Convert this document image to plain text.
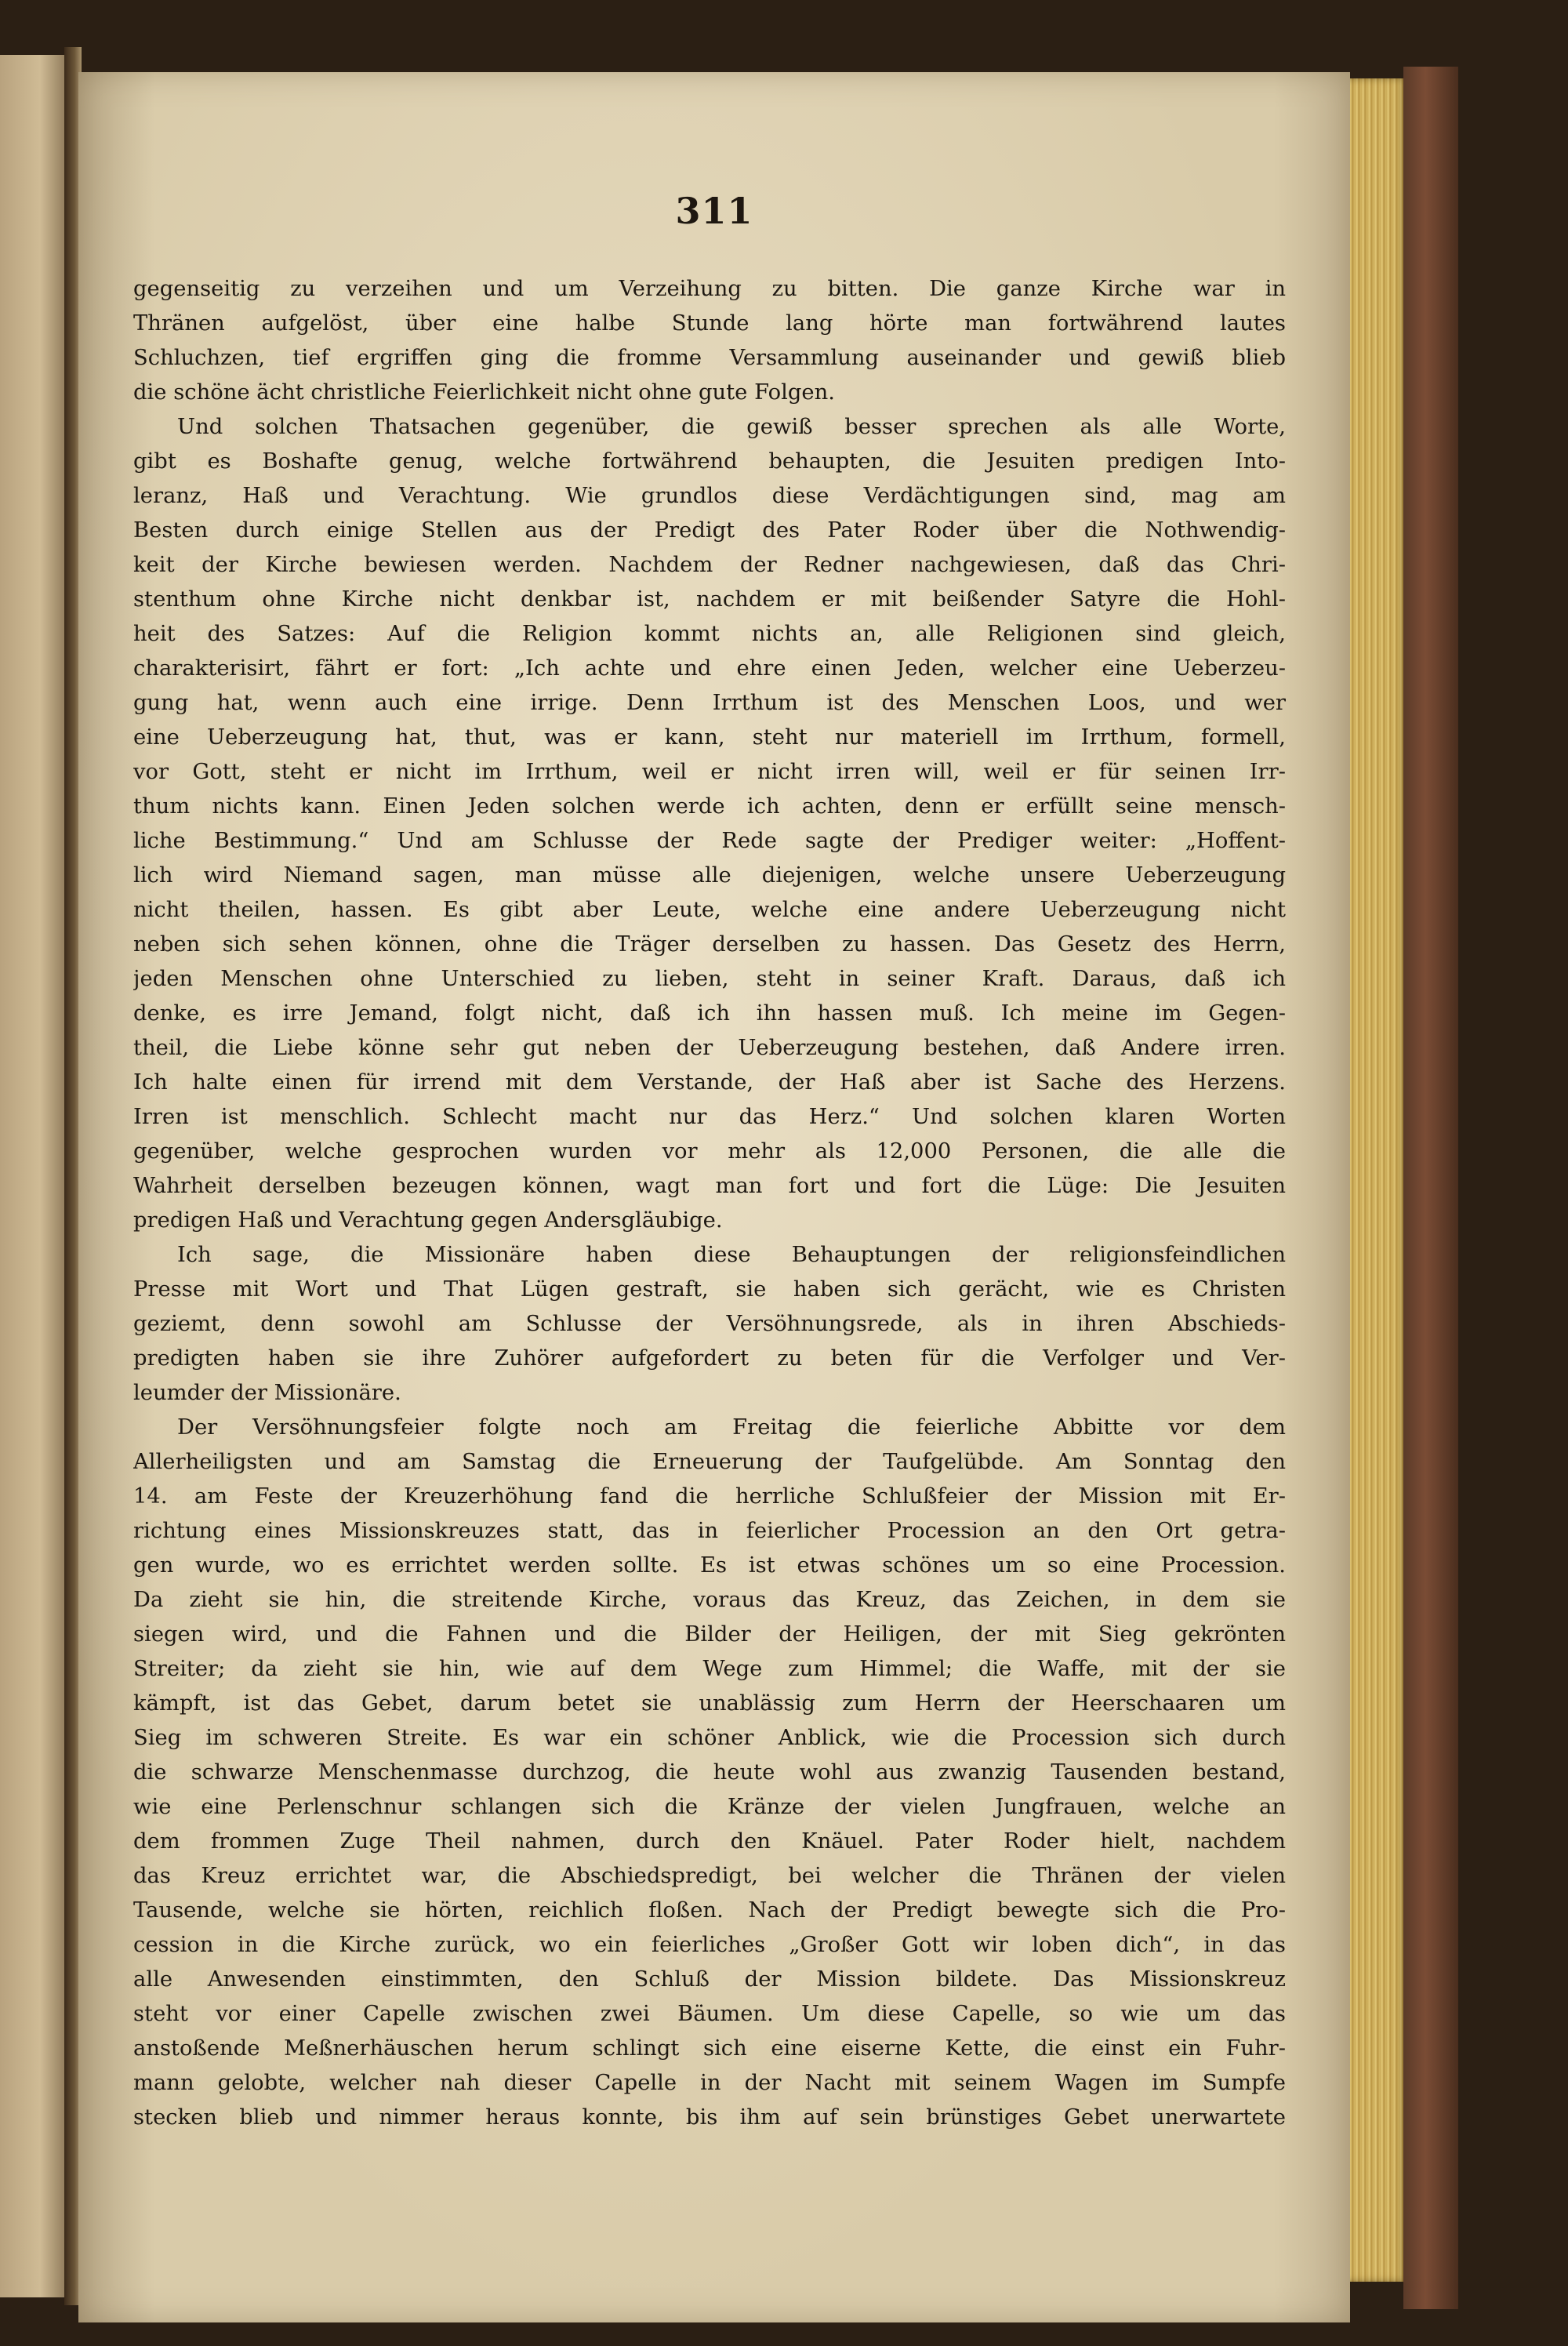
311
gegenseitig zu verzeihen und um Verzeihung zu bitten. Die ganze Kirche war in
Thränen aufgelöst, über eine halbe Stunde lang hörte man fortwährend lautes
Schluchzen, tief ergriffen ging die fromme Versammlung auseinander und gewiß blieb
die schöne ächt christliche Feierlichkeit nicht ohne gute Folgen.
Und solchen Thatsachen gegenüber, die gewiß besser sprechen als alle Worte,
gibt es Boshafte genug, welche fortwährend behaupten, die Jesuiten predigen Into-
leranz, Haß und Verachtung. Wie grundlos diese Verdächtigungen sind, mag am
Besten durch einige Stellen aus der Predigt des Pater Roder über die Nothwendig-
keit der Kirche bewiesen werden. Nachdem der Redner nachgewiesen, daß das Chri-
stenthum ohne Kirche nicht denkbar ist, nachdem er mit beißender Satyre die Hohl-
heit des Satzes: Auf die Religion kommt nichts an, alle Religionen sind gleich,
charakterisirt, fährt er fort: „Ich achte und ehre einen Jeden, welcher eine Ueberzeu-
gung hat, wenn auch eine irrige. Denn Irrthum ist des Menschen Loos, und wer
eine Ueberzeugung hat, thut, was er kann, steht nur materiell im Irrthum, formell,
vor Gott, steht er nicht im Irrthum, weil er nicht irren will, weil er für seinen Irr-
thum nichts kann. Einen Jeden solchen werde ich achten, denn er erfüllt seine mensch-
liche Bestimmung.“ Und am Schlusse der Rede sagte der Prediger weiter: „Hoffent-
lich wird Niemand sagen, man müsse alle diejenigen, welche unsere Ueberzeugung
nicht theilen, hassen. Es gibt aber Leute, welche eine andere Ueberzeugung nicht
neben sich sehen können, ohne die Träger derselben zu hassen. Das Gesetz des Herrn,
jeden Menschen ohne Unterschied zu lieben, steht in seiner Kraft. Daraus, daß ich
denke, es irre Jemand, folgt nicht, daß ich ihn hassen muß. Ich meine im Gegen-
theil, die Liebe könne sehr gut neben der Ueberzeugung bestehen, daß Andere irren.
Ich halte einen für irrend mit dem Verstande, der Haß aber ist Sache des Herzens.
Irren ist menschlich. Schlecht macht nur das Herz.“ Und solchen klaren Worten
gegenüber, welche gesprochen wurden vor mehr als 12,000 Personen, die alle die
Wahrheit derselben bezeugen können, wagt man fort und fort die Lüge: Die Jesuiten
predigen Haß und Verachtung gegen Andersgläubige.
Ich sage, die Missionäre haben diese Behauptungen der religionsfeindlichen
Presse mit Wort und That Lügen gestraft, sie haben sich gerächt, wie es Christen
geziemt, denn sowohl am Schlusse der Versöhnungsrede, als in ihren Abschieds-
predigten haben sie ihre Zuhörer aufgefordert zu beten für die Verfolger und Ver-
leumder der Missionäre.
Der Versöhnungsfeier folgte noch am Freitag die feierliche Abbitte vor dem
Allerheiligsten und am Samstag die Erneuerung der Taufgelübde. Am Sonntag den
14. am Feste der Kreuzerhöhung fand die herrliche Schlußfeier der Mission mit Er-
richtung eines Missionskreuzes statt, das in feierlicher Procession an den Ort getra-
gen wurde, wo es errichtet werden sollte. Es ist etwas schönes um so eine Procession.
Da zieht sie hin, die streitende Kirche, voraus das Kreuz, das Zeichen, in dem sie
siegen wird, und die Fahnen und die Bilder der Heiligen, der mit Sieg gekrönten
Streiter; da zieht sie hin, wie auf dem Wege zum Himmel; die Waffe, mit der sie
kämpft, ist das Gebet, darum betet sie unablässig zum Herrn der Heerschaaren um
Sieg im schweren Streite. Es war ein schöner Anblick, wie die Procession sich durch
die schwarze Menschenmasse durchzog, die heute wohl aus zwanzig Tausenden bestand,
wie eine Perlenschnur schlangen sich die Kränze der vielen Jungfrauen, welche an
dem frommen Zuge Theil nahmen, durch den Knäuel. Pater Roder hielt, nachdem
das Kreuz errichtet war, die Abschiedspredigt, bei welcher die Thränen der vielen
Tausende, welche sie hörten, reichlich floßen. Nach der Predigt bewegte sich die Pro-
cession in die Kirche zurück, wo ein feierliches „Großer Gott wir loben dich“, in das
alle Anwesenden einstimmten, den Schluß der Mission bildete. Das Missionskreuz
steht vor einer Capelle zwischen zwei Bäumen. Um diese Capelle, so wie um das
anstoßende Meßnerhäuschen herum schlingt sich eine eiserne Kette, die einst ein Fuhr-
mann gelobte, welcher nah dieser Capelle in der Nacht mit seinem Wagen im Sumpfe
stecken blieb und nimmer heraus konnte, bis ihm auf sein brünstiges Gebet unerwartete
